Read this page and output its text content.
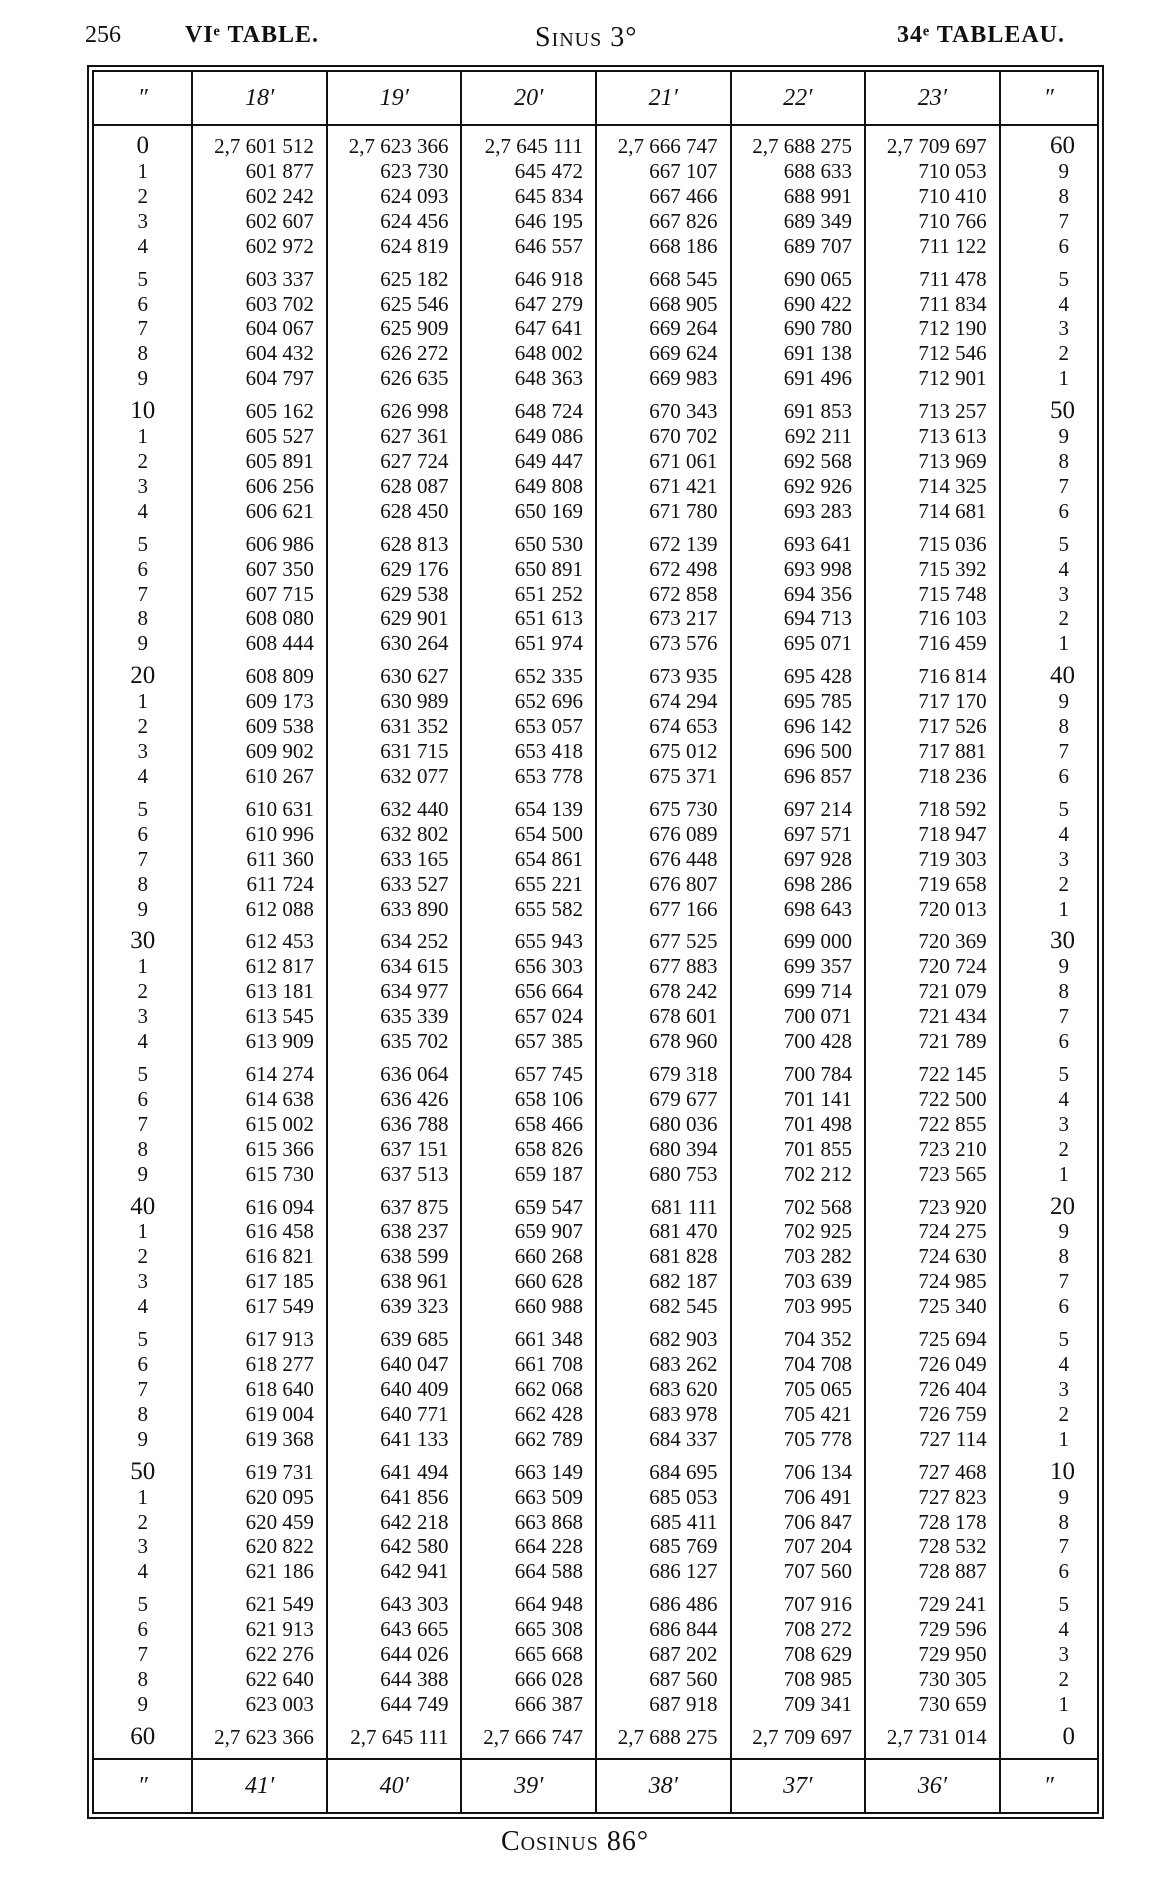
256	VIᵉ TABLE.	Sinus 3°	34ᵉ TABLEAU.
″	18′	19′	20′	21′	22′	23′	″
0	2,7 601 512	2,7 623 366	2,7 645 111	2,7 666 747	2,7 688 275	2,7 709 697	60
1	601 877	623 730	645 472	667 107	688 633	710 053	9
2	602 242	624 093	645 834	667 466	688 991	710 410	8
3	602 607	624 456	646 195	667 826	689 349	710 766	7
4	602 972	624 819	646 557	668 186	689 707	711 122	6
5	603 337	625 182	646 918	668 545	690 065	711 478	5
6	603 702	625 546	647 279	668 905	690 422	711 834	4
7	604 067	625 909	647 641	669 264	690 780	712 190	3
8	604 432	626 272	648 002	669 624	691 138	712 546	2
9	604 797	626 635	648 363	669 983	691 496	712 901	1
10	605 162	626 998	648 724	670 343	691 853	713 257	50
1	605 527	627 361	649 086	670 702	692 211	713 613	9
2	605 891	627 724	649 447	671 061	692 568	713 969	8
3	606 256	628 087	649 808	671 421	692 926	714 325	7
4	606 621	628 450	650 169	671 780	693 283	714 681	6
5	606 986	628 813	650 530	672 139	693 641	715 036	5
6	607 350	629 176	650 891	672 498	693 998	715 392	4
7	607 715	629 538	651 252	672 858	694 356	715 748	3
8	608 080	629 901	651 613	673 217	694 713	716 103	2
9	608 444	630 264	651 974	673 576	695 071	716 459	1
20	608 809	630 627	652 335	673 935	695 428	716 814	40
1	609 173	630 989	652 696	674 294	695 785	717 170	9
2	609 538	631 352	653 057	674 653	696 142	717 526	8
3	609 902	631 715	653 418	675 012	696 500	717 881	7
4	610 267	632 077	653 778	675 371	696 857	718 236	6
5	610 631	632 440	654 139	675 730	697 214	718 592	5
6	610 996	632 802	654 500	676 089	697 571	718 947	4
7	611 360	633 165	654 861	676 448	697 928	719 303	3
8	611 724	633 527	655 221	676 807	698 286	719 658	2
9	612 088	633 890	655 582	677 166	698 643	720 013	1
30	612 453	634 252	655 943	677 525	699 000	720 369	30
1	612 817	634 615	656 303	677 883	699 357	720 724	9
2	613 181	634 977	656 664	678 242	699 714	721 079	8
3	613 545	635 339	657 024	678 601	700 071	721 434	7
4	613 909	635 702	657 385	678 960	700 428	721 789	6
5	614 274	636 064	657 745	679 318	700 784	722 145	5
6	614 638	636 426	658 106	679 677	701 141	722 500	4
7	615 002	636 788	658 466	680 036	701 498	722 855	3
8	615 366	637 151	658 826	680 394	701 855	723 210	2
9	615 730	637 513	659 187	680 753	702 212	723 565	1
40	616 094	637 875	659 547	681 111	702 568	723 920	20
1	616 458	638 237	659 907	681 470	702 925	724 275	9
2	616 821	638 599	660 268	681 828	703 282	724 630	8
3	617 185	638 961	660 628	682 187	703 639	724 985	7
4	617 549	639 323	660 988	682 545	703 995	725 340	6
5	617 913	639 685	661 348	682 903	704 352	725 694	5
6	618 277	640 047	661 708	683 262	704 708	726 049	4
7	618 640	640 409	662 068	683 620	705 065	726 404	3
8	619 004	640 771	662 428	683 978	705 421	726 759	2
9	619 368	641 133	662 789	684 337	705 778	727 114	1
50	619 731	641 494	663 149	684 695	706 134	727 468	10
1	620 095	641 856	663 509	685 053	706 491	727 823	9
2	620 459	642 218	663 868	685 411	706 847	728 178	8
3	620 822	642 580	664 228	685 769	707 204	728 532	7
4	621 186	642 941	664 588	686 127	707 560	728 887	6
5	621 549	643 303	664 948	686 486	707 916	729 241	5
6	621 913	643 665	665 308	686 844	708 272	729 596	4
7	622 276	644 026	665 668	687 202	708 629	729 950	3
8	622 640	644 388	666 028	687 560	708 985	730 305	2
9	623 003	644 749	666 387	687 918	709 341	730 659	1
60	2,7 623 366	2,7 645 111	2,7 666 747	2,7 688 275	2,7 709 697	2,7 731 014	0
″	41′	40′	39′	38′	37′	36′	″
Cosinus 86°
